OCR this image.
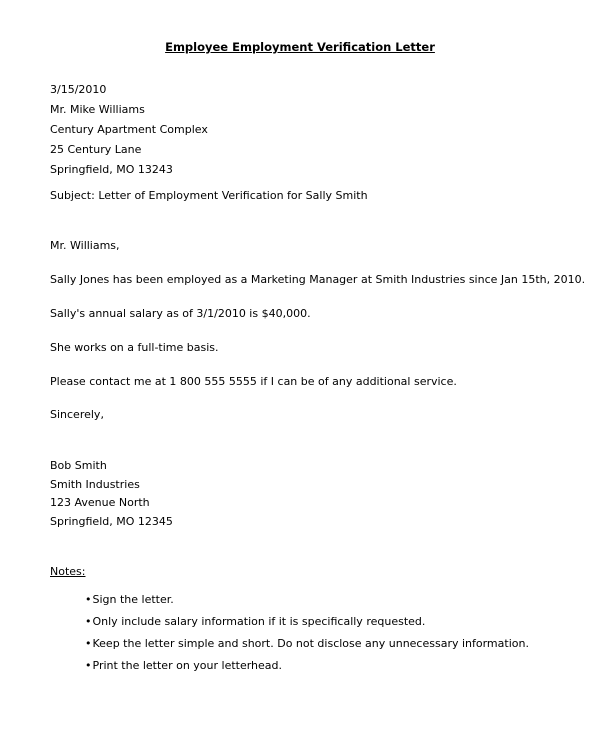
Employee Employment Verification Letter
3/15/2010
Mr. Mike Williams
Century Apartment Complex
25 Century Lane
Springfield, MO 13243
Subject: Letter of Employment Verification for Sally Smith
Mr. Williams,
Sally Jones has been employed as a Marketing Manager at Smith Industries since Jan 15th, 2010.
Sally's annual salary as of 3/1/2010 is $40,000.
She works on a full-time basis.
Please contact me at 1 800 555 5555 if I can be of any additional service.
Sincerely,
Bob Smith
Smith Industries
123 Avenue North
Springfield, MO 12345
Notes:
• Sign the letter.
• Only include salary information if it is specifically requested.
• Keep the letter simple and short. Do not disclose any unnecessary information.
• Print the letter on your letterhead.
